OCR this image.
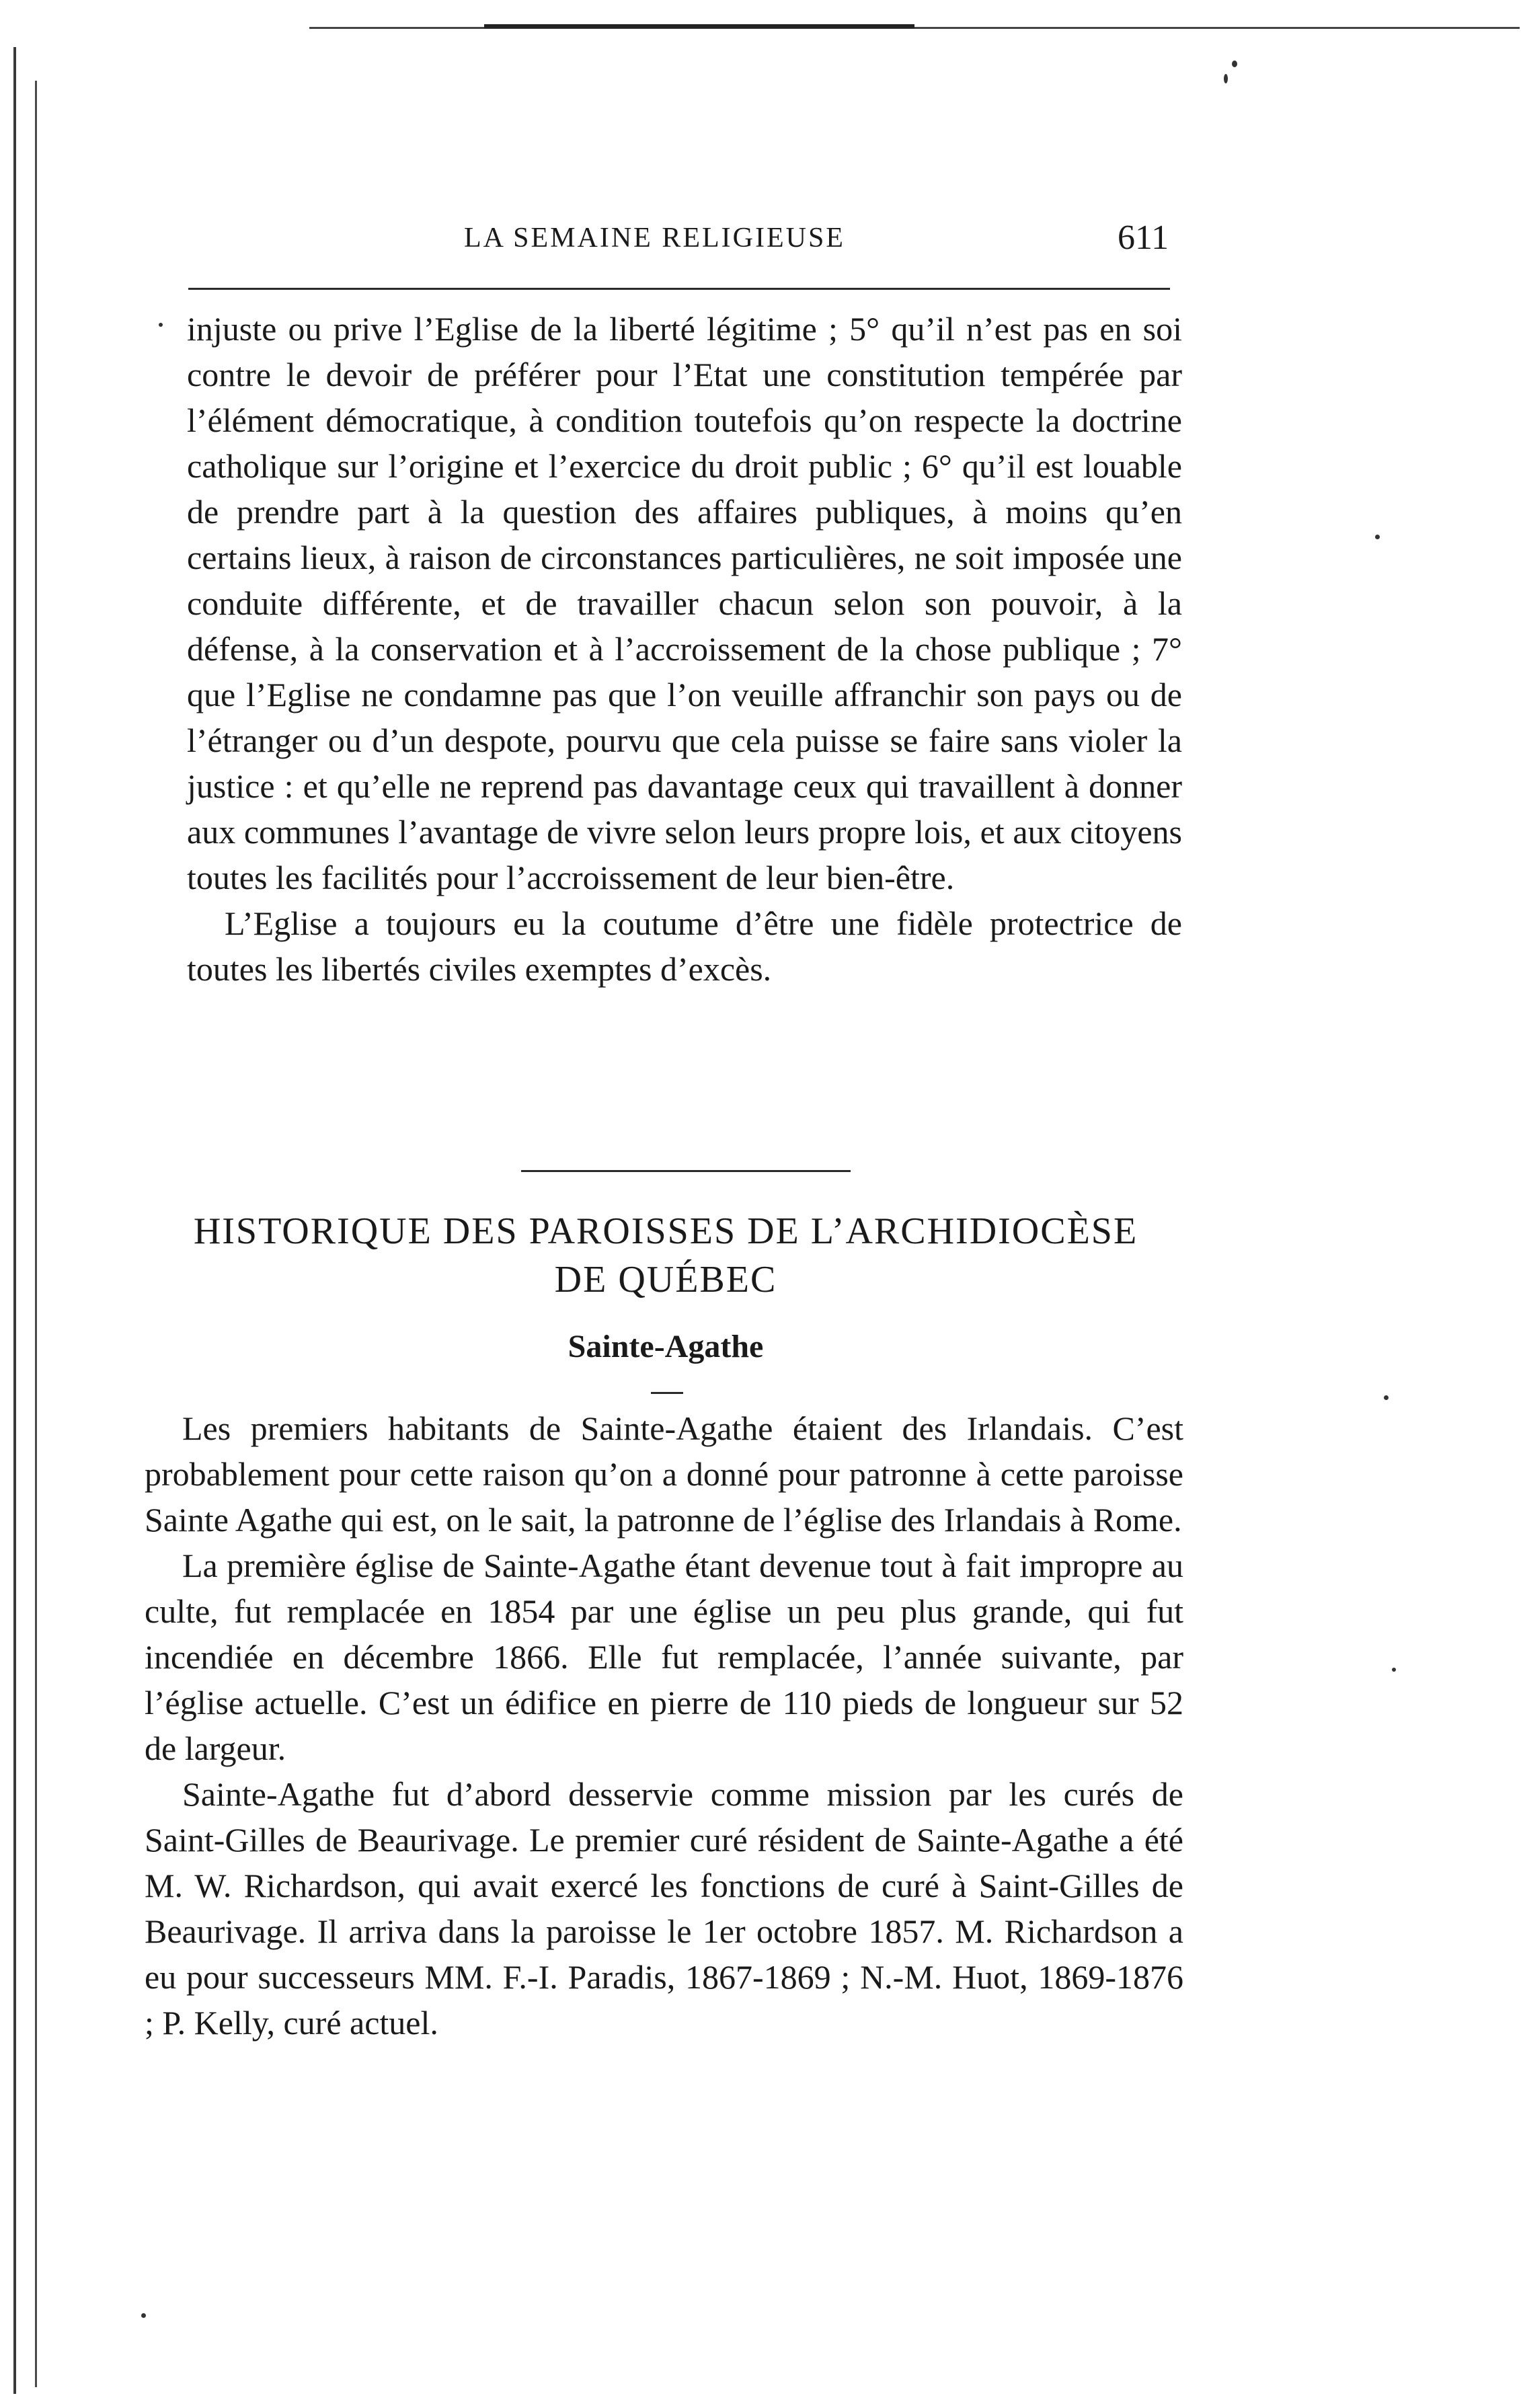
LA SEMAINE RELIGIEUSE	611

injuste ou prive l’Eglise de la liberté légitime ; 5° qu’il n’est pas en soi contre le devoir de préférer pour l’Etat une constitution tempérée par l’élément démocratique, à condition toutefois qu’on respecte la doctrine catholique sur l’origine et l’exercice du droit public ; 6° qu’il est louable de prendre part à la question des affaires publiques, à moins qu’en certains lieux, à raison de circonstances particulières, ne soit imposée une conduite différente, et de travailler chacun selon son pouvoir, à la défense, à la conservation et à l’accroissement de la chose publique ; 7° que l’Eglise ne condamne pas que l’on veuille affranchir son pays ou de l’étranger ou d’un despote, pourvu que cela puisse se faire sans violer la justice : et qu’elle ne reprend pas davantage ceux qui travaillent à donner aux communes l’avantage de vivre selon leurs propre lois, et aux citoyens toutes les facilités pour l’accroissement de leur bien-être.

L’Eglise a toujours eu la coutume d’être une fidèle protectrice de toutes les libertés civiles exemptes d’excès.

HISTORIQUE DES PAROISSES DE L’ARCHIDIOCÈSE
DE QUÉBEC
Sainte-Agathe

Les premiers habitants de Sainte-Agathe étaient des Irlandais. C’est probablement pour cette raison qu’on a donné pour patronne à cette paroisse Sainte Agathe qui est, on le sait, la patronne de l’église des Irlandais à Rome.

La première église de Sainte-Agathe étant devenue tout à fait impropre au culte, fut remplacée en 1854 par une église un peu plus grande, qui fut incendiée en décembre 1866. Elle fut remplacée, l’année suivante, par l’église actuelle. C’est un édifice en pierre de 110 pieds de longueur sur 52 de largeur.

Sainte-Agathe fut d’abord desservie comme mission par les curés de Saint-Gilles de Beaurivage. Le premier curé résident de Sainte-Agathe a été M. W. Richardson, qui avait exercé les fonctions de curé à Saint-Gilles de Beaurivage. Il arriva dans la paroisse le 1er octobre 1857. M. Richardson a eu pour successeurs MM. F.-I. Paradis, 1867-1869 ; N.-M. Huot, 1869-1876 ; P. Kelly, curé actuel.
